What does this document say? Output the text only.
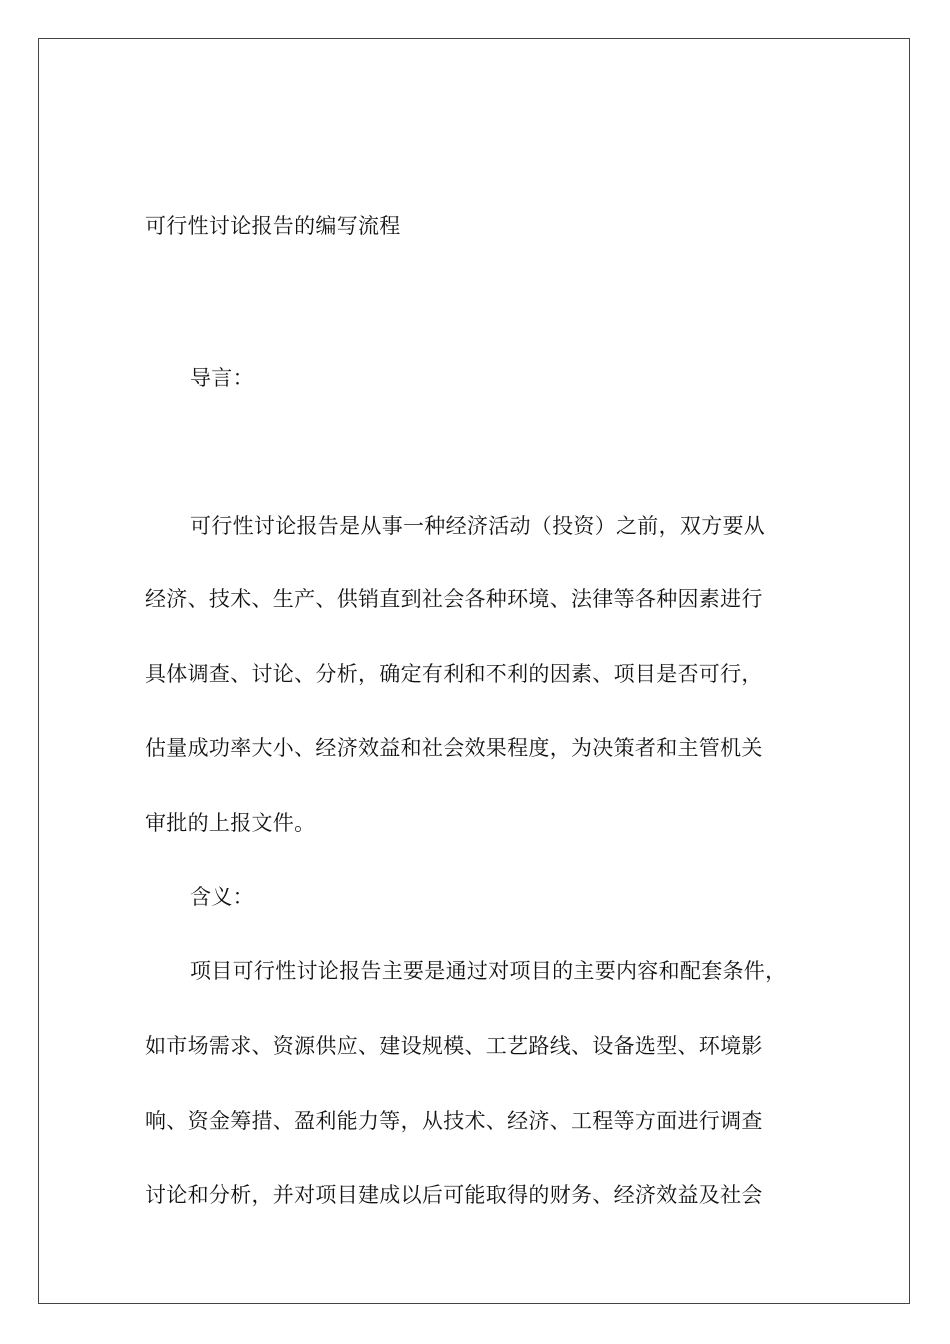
可行性讨论报告的编写流程
导言：
可行性讨论报告是从事一种经济活动（投资）之前，双方要从
经济、技术、生产、供销直到社会各种环境、法律等各种因素进行
具体调查、讨论、分析，确定有利和不利的因素、项目是否可行，
估量成功率大小、经济效益和社会效果程度，为决策者和主管机关
审批的上报文件。
含义：
项目可行性讨论报告主要是通过对项目的主要内容和配套条件，
如市场需求、资源供应、建设规模、工艺路线、设备选型、环境影
响、资金筹措、盈利能力等，从技术、经济、工程等方面进行调查
讨论和分析，并对项目建成以后可能取得的财务、经济效益及社会
